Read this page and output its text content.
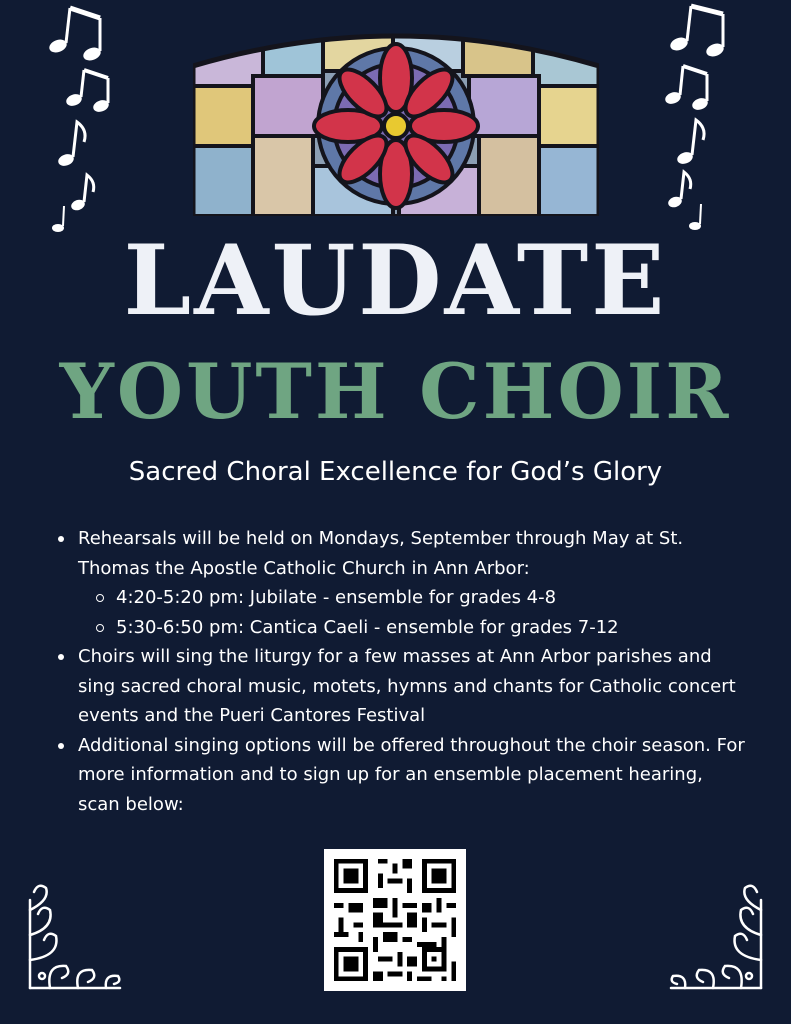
LAUDATE
YOUTH CHOIR
Sacred Choral Excellence for God’s Glory
Rehearsals will be held on Mondays, September through May at St. Thomas the Apostle Catholic Church in Ann Arbor:
4:20-5:20 pm: Jubilate - ensemble for grades 4-8
5:30-6:50 pm: Cantica Caeli - ensemble for grades 7-12
Choirs will sing the liturgy for a few masses at Ann Arbor parishes and sing sacred choral music, motets, hymns and chants for Catholic concert events and the Pueri Cantores Festival
Additional singing options will be offered throughout the choir season. For more information and to sign up for an ensemble placement hearing, scan below:
